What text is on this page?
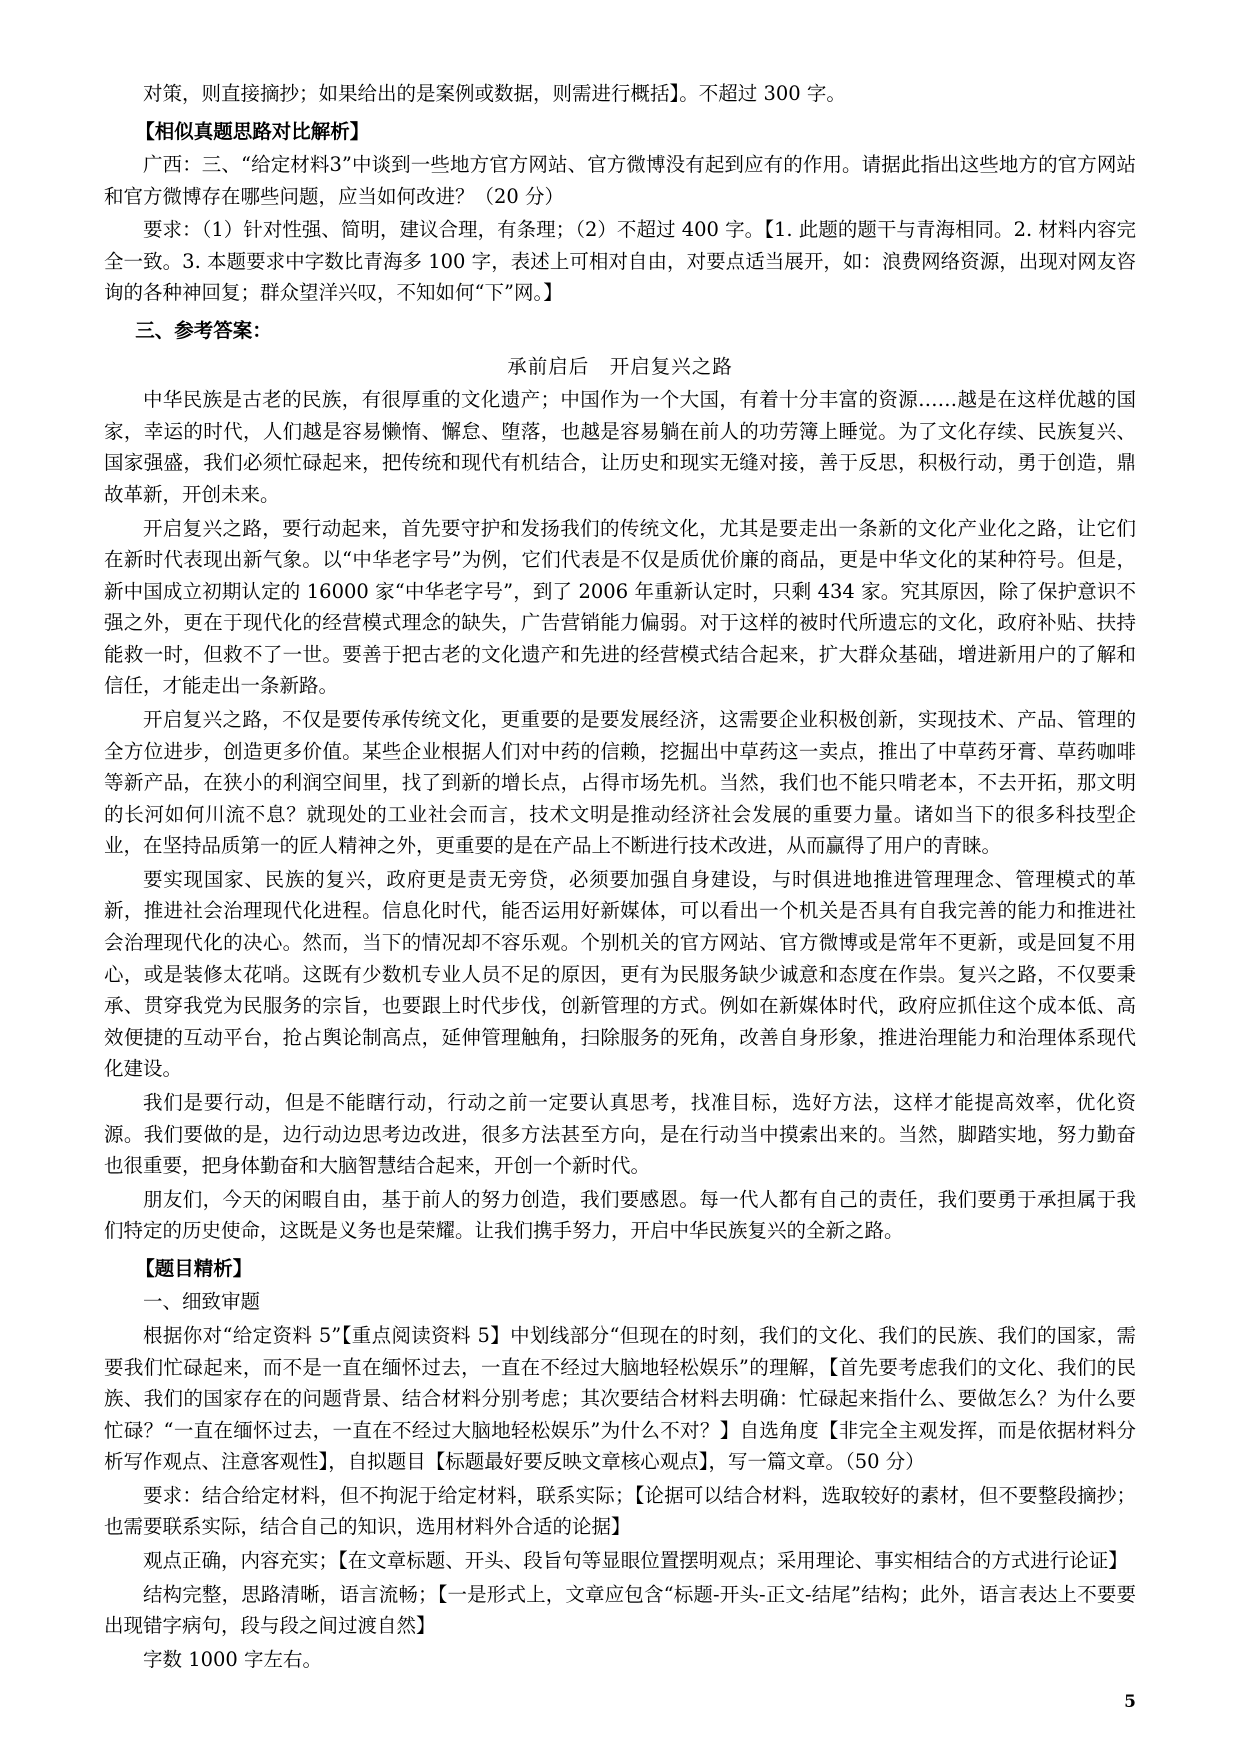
对策，则直接摘抄；如果给出的是案例或数据，则需进行概括】。不超过 300 字。

【相似真题思路对比解析】

广西：三、“给定材料3”中谈到一些地方官方网站、官方微博没有起到应有的作用。请据此指出这些地方的官方网站和官方微博存在哪些问题，应当如何改进？（20 分）

要求：（1）针对性强、简明，建议合理，有条理；（2）不超过 400 字。【1. 此题的题干与青海相同。2. 材料内容完全一致。3. 本题要求中字数比青海多 100 字，表述上可相对自由，对要点适当展开，如：浪费网络资源，出现对网友咨询的各种神回复；群众望洋兴叹，不知如何“下”网。】

三、参考答案：

承前启后　开启复兴之路

中华民族是古老的民族，有很厚重的文化遗产；中国作为一个大国，有着十分丰富的资源……越是在这样优越的国家，幸运的时代，人们越是容易懒惰、懈怠、堕落，也越是容易躺在前人的功劳簿上睡觉。为了文化存续、民族复兴、国家强盛，我们必须忙碌起来，把传统和现代有机结合，让历史和现实无缝对接，善于反思，积极行动，勇于创造，鼎故革新，开创未来。

开启复兴之路，要行动起来，首先要守护和发扬我们的传统文化，尤其是要走出一条新的文化产业化之路，让它们在新时代表现出新气象。以“中华老字号”为例，它们代表是不仅是质优价廉的商品，更是中华文化的某种符号。但是，新中国成立初期认定的 16000 家“中华老字号”，到了 2006 年重新认定时，只剩 434 家。究其原因，除了保护意识不强之外，更在于现代化的经营模式理念的缺失，广告营销能力偏弱。对于这样的被时代所遗忘的文化，政府补贴、扶持能救一时，但救不了一世。要善于把古老的文化遗产和先进的经营模式结合起来，扩大群众基础，增进新用户的了解和信任，才能走出一条新路。

开启复兴之路，不仅是要传承传统文化，更重要的是要发展经济，这需要企业积极创新，实现技术、产品、管理的全方位进步，创造更多价值。某些企业根据人们对中药的信赖，挖掘出中草药这一卖点，推出了中草药牙膏、草药咖啡等新产品，在狭小的利润空间里，找了到新的增长点，占得市场先机。当然，我们也不能只啃老本，不去开拓，那文明的长河如何川流不息？就现处的工业社会而言，技术文明是推动经济社会发展的重要力量。诸如当下的很多科技型企业，在坚持品质第一的匠人精神之外，更重要的是在产品上不断进行技术改进，从而赢得了用户的青睐。

要实现国家、民族的复兴，政府更是责无旁贷，必须要加强自身建设，与时俱进地推进管理理念、管理模式的革新，推进社会治理现代化进程。信息化时代，能否运用好新媒体，可以看出一个机关是否具有自我完善的能力和推进社会治理现代化的决心。然而，当下的情况却不容乐观。个别机关的官方网站、官方微博或是常年不更新，或是回复不用心，或是装修太花哨。这既有少数机专业人员不足的原因，更有为民服务缺少诚意和态度在作祟。复兴之路，不仅要秉承、贯穿我党为民服务的宗旨，也要跟上时代步伐，创新管理的方式。例如在新媒体时代，政府应抓住这个成本低、高效便捷的互动平台，抢占舆论制高点，延伸管理触角，扫除服务的死角，改善自身形象，推进治理能力和治理体系现代化建设。

我们是要行动，但是不能瞎行动，行动之前一定要认真思考，找准目标，选好方法，这样才能提高效率，优化资源。我们要做的是，边行动边思考边改进，很多方法甚至方向，是在行动当中摸索出来的。当然，脚踏实地，努力勤奋也很重要，把身体勤奋和大脑智慧结合起来，开创一个新时代。

朋友们，今天的闲暇自由，基于前人的努力创造，我们要感恩。每一代人都有自己的责任，我们要勇于承担属于我们特定的历史使命，这既是义务也是荣耀。让我们携手努力，开启中华民族复兴的全新之路。

【题目精析】

一、细致审题

根据你对“给定资料 5”【重点阅读资料 5】中划线部分“但现在的时刻，我们的文化、我们的民族、我们的国家，需要我们忙碌起来，而不是一直在缅怀过去，一直在不经过大脑地轻松娱乐”的理解，【首先要考虑我们的文化、我们的民族、我们的国家存在的问题背景、结合材料分别考虑；其次要结合材料去明确：忙碌起来指什么、要做怎么？为什么要忙碌？“一直在缅怀过去，一直在不经过大脑地轻松娱乐”为什么不对？】自选角度【非完全主观发挥，而是依据材料分析写作观点、注意客观性】，自拟题目【标题最好要反映文章核心观点】，写一篇文章。（50 分）

要求：结合给定材料，但不拘泥于给定材料，联系实际；【论据可以结合材料，选取较好的素材，但不要整段摘抄；也需要联系实际，结合自己的知识，选用材料外合适的论据】

观点正确，内容充实；【在文章标题、开头、段旨句等显眼位置摆明观点；采用理论、事实相结合的方式进行论证】

结构完整，思路清晰，语言流畅；【一是形式上，文章应包含“标题-开头-正文-结尾”结构；此外，语言表达上不要要出现错字病句，段与段之间过渡自然】

字数 1000 字左右。

5
